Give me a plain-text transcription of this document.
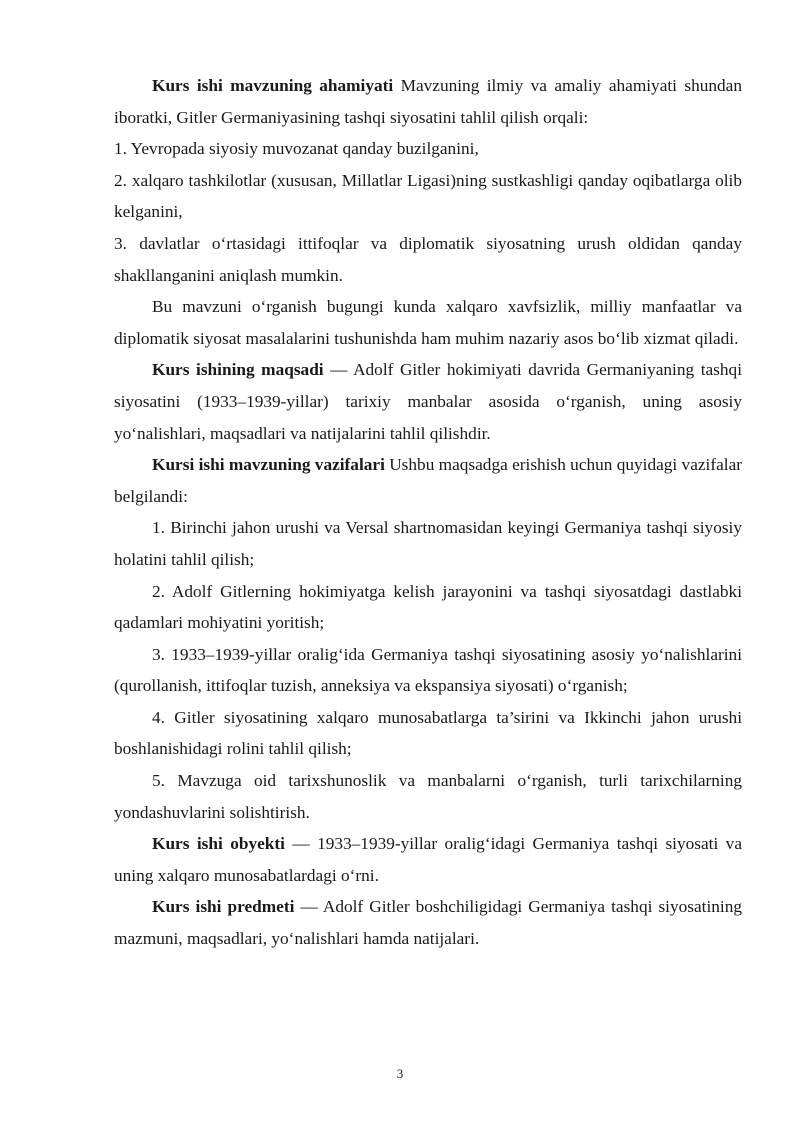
Kurs ishi mavzuning ahamiyati Mavzuning ilmiy va amaliy ahamiyati shundan iboratki, Gitler Germaniyasining tashqi siyosatini tahlil qilish orqali:

1. Yevropada siyosiy muvozanat qanday buzilganini,

2. xalqaro tashkilotlar (xususan, Millatlar Ligasi)ning sustkashligi qanday oqibatlarga olib kelganini,

3. davlatlar o‘rtasidagi ittifoqlar va diplomatik siyosatning urush oldidan qanday shakllanganini aniqlash mumkin.

Bu mavzuni o‘rganish bugungi kunda xalqaro xavfsizlik, milliy manfaatlar va diplomatik siyosat masalalarini tushunishda ham muhim nazariy asos bo‘lib xizmat qiladi.

Kurs ishining maqsadi — Adolf Gitler hokimiyati davrida Germaniyaning tashqi siyosatini (1933–1939-yillar) tarixiy manbalar asosida o‘rganish, uning asosiy yo‘nalishlari, maqsadlari va natijalarini tahlil qilishdir.

Kursi ishi mavzuning vazifalari Ushbu maqsadga erishish uchun quyidagi vazifalar belgilandi:

1. Birinchi jahon urushi va Versal shartnomasidan keyingi Germaniya tashqi siyosiy holatini tahlil qilish;

2. Adolf Gitlerning hokimiyatga kelish jarayonini va tashqi siyosatdagi dastlabki qadamlari mohiyatini yoritish;

3. 1933–1939-yillar oralig‘ida Germaniya tashqi siyosatining asosiy yo‘nalishlarini (qurollanish, ittifoqlar tuzish, anneksiya va ekspansiya siyosati) o‘rganish;

4. Gitler siyosatining xalqaro munosabatlarga ta’sirini va Ikkinchi jahon urushi boshlanishidagi rolini tahlil qilish;

5. Mavzuga oid tarixshunoslik va manbalarni o‘rganish, turli tarixchilarning yondashuvlarini solishtirish.

Kurs ishi obyekti — 1933–1939-yillar oralig‘idagi Germaniya tashqi siyosati va uning xalqaro munosabatlardagi o‘rni.

Kurs ishi predmeti — Adolf Gitler boshchiligidagi Germaniya tashqi siyosatining mazmuni, maqsadlari, yo‘nalishlari hamda natijalari.

3
